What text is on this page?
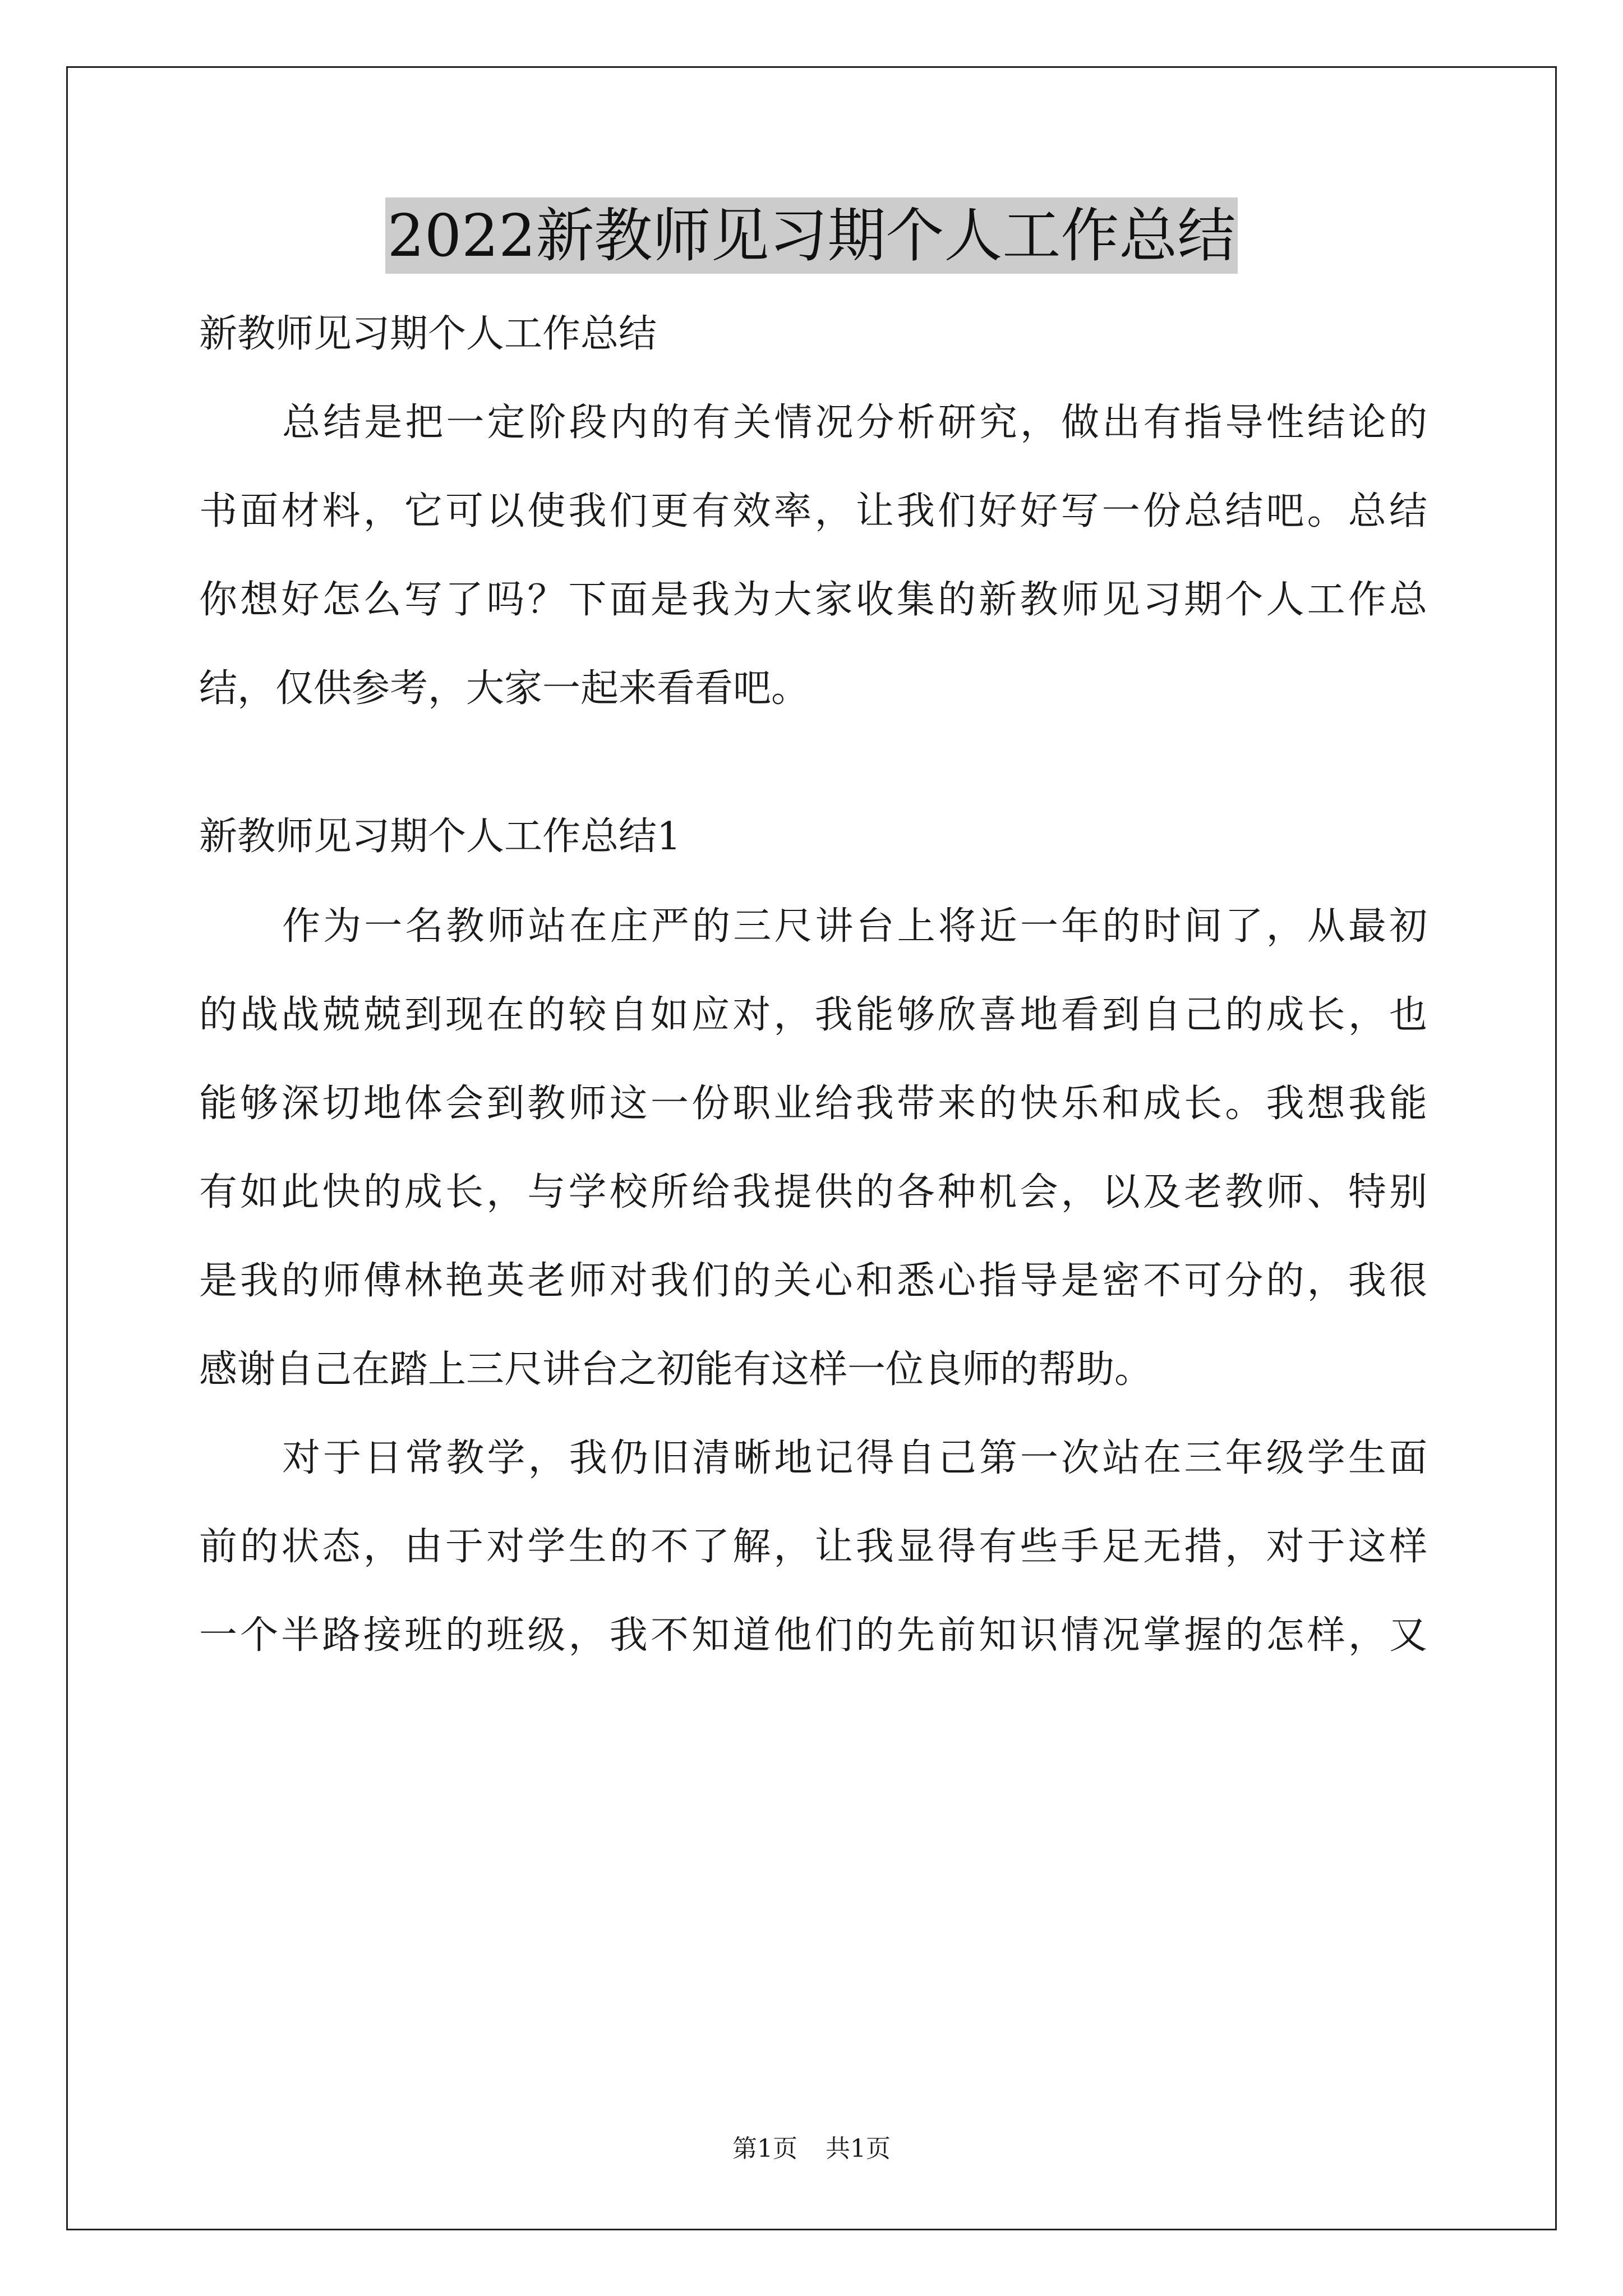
2022新教师见习期个人工作总结

新教师见习期个人工作总结

总结是把一定阶段内的有关情况分析研究，做出有指导性结论的

书面材料，它可以使我们更有效率，让我们好好写一份总结吧。总结

你想好怎么写了吗？下面是我为大家收集的新教师见习期个人工作总

结，仅供参考，大家一起来看看吧。

新教师见习期个人工作总结1

作为一名教师站在庄严的三尺讲台上将近一年的时间了，从最初

的战战兢兢到现在的较自如应对，我能够欣喜地看到自己的成长，也

能够深切地体会到教师这一份职业给我带来的快乐和成长。我想我能

有如此快的成长，与学校所给我提供的各种机会，以及老教师、特别

是我的师傅林艳英老师对我们的关心和悉心指导是密不可分的，我很

感谢自己在踏上三尺讲台之初能有这样一位良师的帮助。

对于日常教学，我仍旧清晰地记得自己第一次站在三年级学生面

前的状态，由于对学生的不了解，让我显得有些手足无措，对于这样

一个半路接班的班级，我不知道他们的先前知识情况掌握的怎样，又

第1页 共1页
